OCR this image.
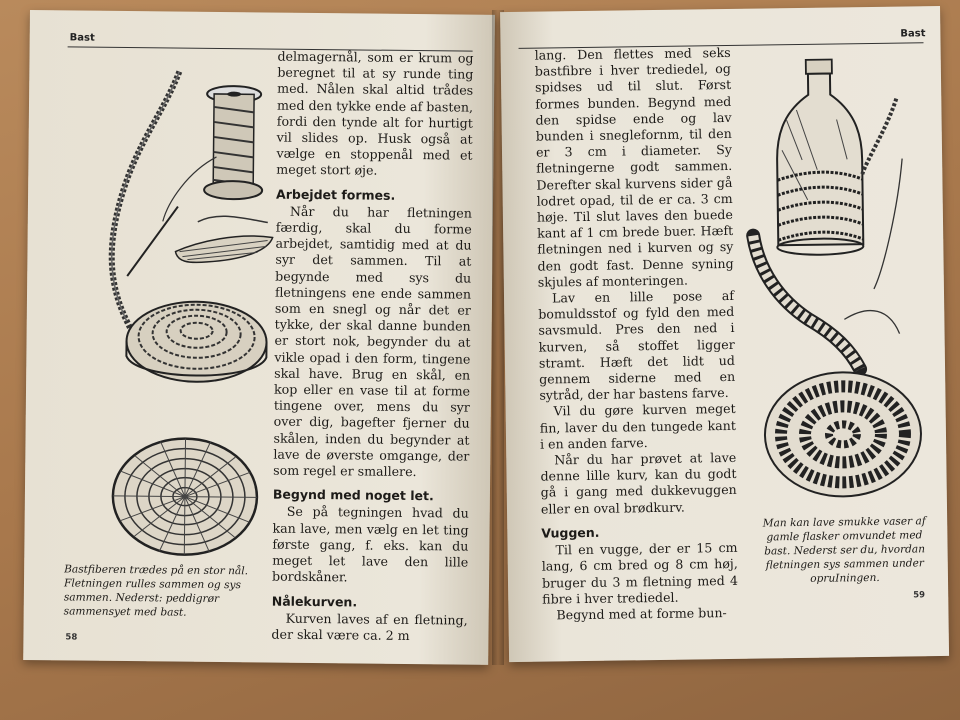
Bast
Bastfiberen trædes på en stor nål. Fletningen rulles sammen og sys sammen. Nederst: peddigrør sammensyet med bast.
58

delmagernål, som er krum og beregnet til at sy runde ting med. Nålen skal altid trådes med den tykke ende af basten, fordi den tynde alt for hurtigt vil slides op. Husk også at vælge en stoppenål med et meget stort øje.

Arbejdet formes.

Når du har fletningen færdig, skal du forme arbejdet, samtidig med at du syr det sammen. Til at begynde med sys du fletningens ene ende sammen som en snegl og når det er tykke, der skal danne bunden er stort nok, begynder du at vikle opad i den form, tingene skal have. Brug en skål, en kop eller en vase til at forme tingene over, mens du syr over dig, bagefter fjerner du skålen, inden du begynder at lave de øverste omgange, der som regel er smallere.

Begynd med noget let.

Se på tegningen hvad du kan lave, men vælg en let ting første gang, f. eks. kan du meget let lave den lille bordskåner.

Nålekurven.

Kurven laves af en fletning, der skal være ca. 2 m

Bast

lang. Den flettes med seks bastfibre i hver trediedel, og spidses ud til slut. Først formes bunden. Begynd med den spidse ende og lav bunden i sneglefornm, til den er 3 cm i diameter. Sy fletningerne godt sammen. Derefter skal kurvens sider gå lodret opad, til de er ca. 3 cm høje. Til slut laves den buede kant af 1 cm brede buer. Hæft fletningen ned i kurven og sy den godt fast. Denne syning skjules af monteringen.

Lav en lille pose af bomuldsstof og fyld den med savsmuld. Pres den ned i kurven, så stoffet ligger stramt. Hæft det lidt ud gennem siderne med en sytråd, der har bastens farve.

Vil du gøre kurven meget fin, laver du den tungede kant i en anden farve.

Når du har prøvet at lave denne lille kurv, kan du godt gå i gang med dukkevuggen eller en oval brødkurv.

Vuggen.

Til en vugge, der er 15 cm lang, 6 cm bred og 8 cm høj, bruger du 3 m fletning med 4 fibre i hver trediedel.

Begynd med at forme bun-

Man kan lave smukke vaser af gamle flasker omvundet med bast. Nederst ser du, hvordan fletningen sys sammen under opruIningen.
59
